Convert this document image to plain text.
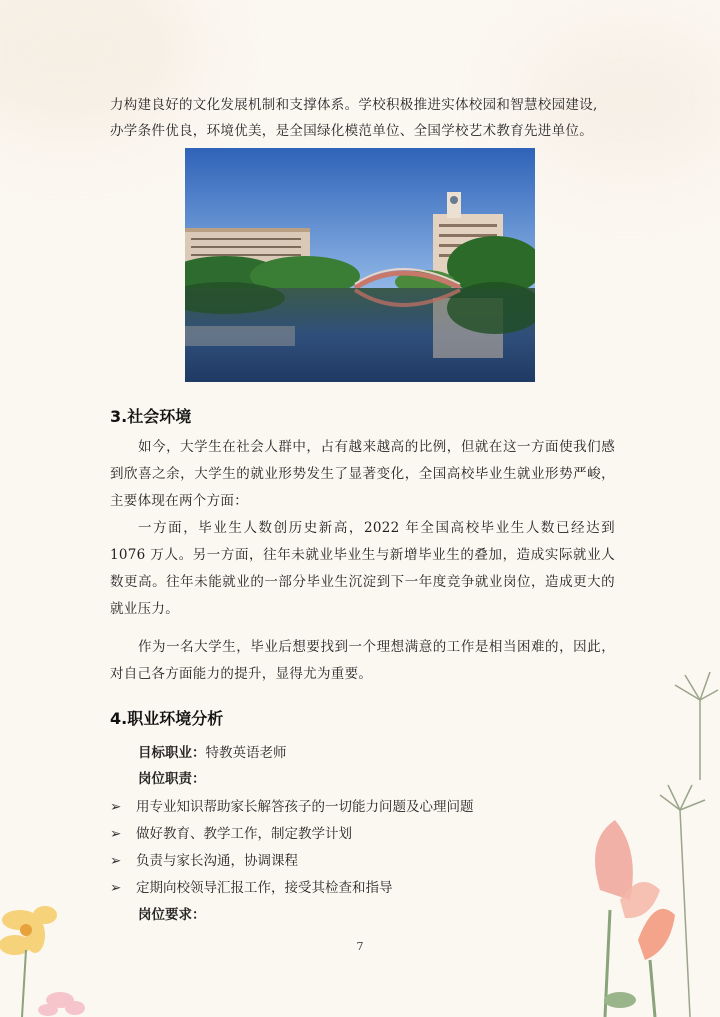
力构建良好的文化发展机制和支撑体系。学校积极推进实体校园和智慧校园建设,

办学条件优良，环境优美，是全国绿化模范单位、全国学校艺术教育先进单位。

3.社会环境

如今，大学生在社会人群中，占有越来越高的比例，但就在这一方面使我们感到欣喜之余，大学生的就业形势发生了显著变化，全国高校毕业生就业形势严峻，主要体现在两个方面：

一方面，毕业生人数创历史新高，2022 年全国高校毕业生人数已经达到 1076 万人。另一方面，往年未就业毕业生与新增毕业生的叠加，造成实际就业人数更高。往年未能就业的一部分毕业生沉淀到下一年度竞争就业岗位，造成更大的就业压力。

作为一名大学生，毕业后想要找到一个理想满意的工作是相当困难的，因此，对自己各方面能力的提升，显得尤为重要。

4.职业环境分析
目标职业：特教英语老师
岗位职责：
➢ 用专业知识帮助家长解答孩子的一切能力问题及心理问题
➢ 做好教育、教学工作，制定教学计划
➢ 负责与家长沟通，协调课程
➢ 定期向校领导汇报工作，接受其检查和指导
岗位要求：
7
